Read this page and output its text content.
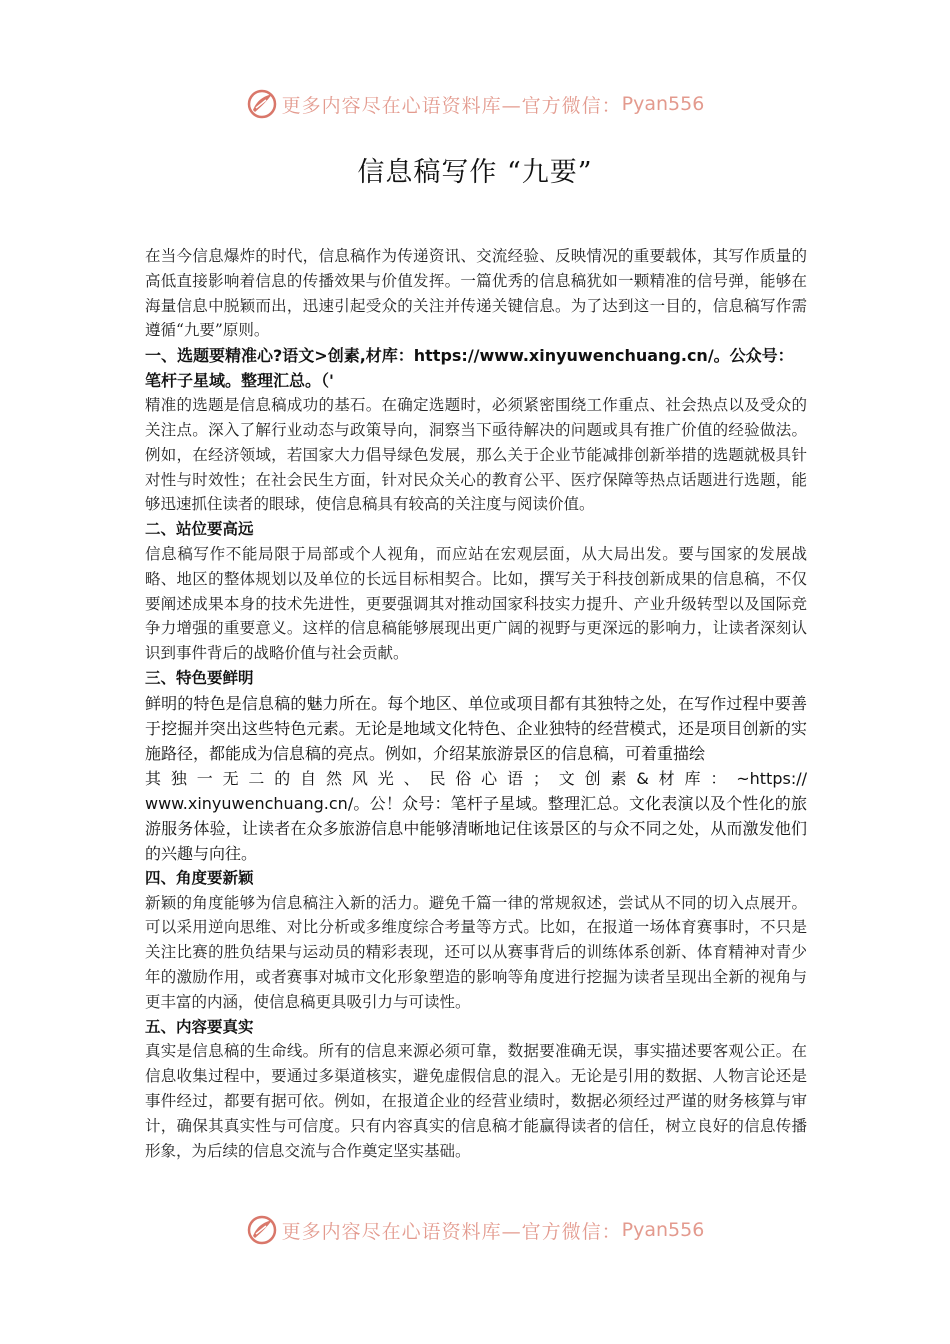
更多内容尽在心语资料库—官方微信： Pyan556
信息稿写作 “九要”

在当今信息爆炸的时代，信息稿作为传递资讯、交流经验、反映情况的重要载体，其写作质量的高低直接影响着信息的传播效果与价值发挥。一篇优秀的信息稿犹如一颗精准的信号弹，能够在海量信息中脱颖而出，迅速引起受众的关注并传递关键信息。为了达到这一目的，信息稿写作需遵循“九要”原则。

一、选题要精准心?语文>创素,材库：https://www.xinyuwenchuang.cn/。公众号：笔杆子星域。整理汇总。（'

精准的选题是信息稿成功的基石。在确定选题时，必须紧密围绕工作重点、社会热点以及受众的关注点。深入了解行业动态与政策导向，洞察当下亟待解决的问题或具有推广价值的经验做法。例如，在经济领域，若国家大力倡导绿色发展，那么关于企业节能减排创新举措的选题就极具针对性与时效性；在社会民生方面，针对民众关心的教育公平、医疗保障等热点话题进行选题，能够迅速抓住读者的眼球，使信息稿具有较高的关注度与阅读价值。

二、站位要高远

信息稿写作不能局限于局部或个人视角，而应站在宏观层面，从大局出发。要与国家的发展战略、地区的整体规划以及单位的长远目标相契合。比如，撰写关于科技创新成果的信息稿，不仅要阐述成果本身的技术先进性，更要强调其对推动国家科技实力提升、产业升级转型以及国际竞争力增强的重要意义。这样的信息稿能够展现出更广阔的视野与更深远的影响力，让读者深刻认识到事件背后的战略价值与社会贡献。

三、特色要鲜明

鲜明的特色是信息稿的魅力所在。每个地区、单位或项目都有其独特之处，在写作过程中要善于挖掘并突出这些特色元素。无论是地域文化特色、企业独特的经营模式，还是项目创新的实施路径，都能成为信息稿的亮点。例如，介绍某旅游景区的信息稿，可着重描绘

其独一无二的自然风光、民俗心语；文创素&材库：~https://

www.xinyuwenchuang.cn/。公！众号：笔杆子星域。整理汇总。文化表演以及个性化的旅游服务体验，让读者在众多旅游信息中能够清晰地记住该景区的与众不同之处，从而激发他们的兴趣与向往。

四、角度要新颖

新颖的角度能够为信息稿注入新的活力。避免千篇一律的常规叙述，尝试从不同的切入点展开。可以采用逆向思维、对比分析或多维度综合考量等方式。比如，在报道一场体育赛事时，不只是关注比赛的胜负结果与运动员的精彩表现，还可以从赛事背后的训练体系创新、体育精神对青少年的激励作用，或者赛事对城市文化形象塑造的影响等角度进行挖掘为读者呈现出全新的视角与更丰富的内涵，使信息稿更具吸引力与可读性。

五、内容要真实

真实是信息稿的生命线。所有的信息来源必须可靠，数据要准确无误，事实描述要客观公正。在信息收集过程中，要通过多渠道核实，避免虚假信息的混入。无论是引用的数据、人物言论还是事件经过，都要有据可依。例如，在报道企业的经营业绩时，数据必须经过严谨的财务核算与审计，确保其真实性与可信度。只有内容真实的信息稿才能赢得读者的信任，树立良好的信息传播形象，为后续的信息交流与合作奠定坚实基础。

更多内容尽在心语资料库—官方微信： Pyan556
